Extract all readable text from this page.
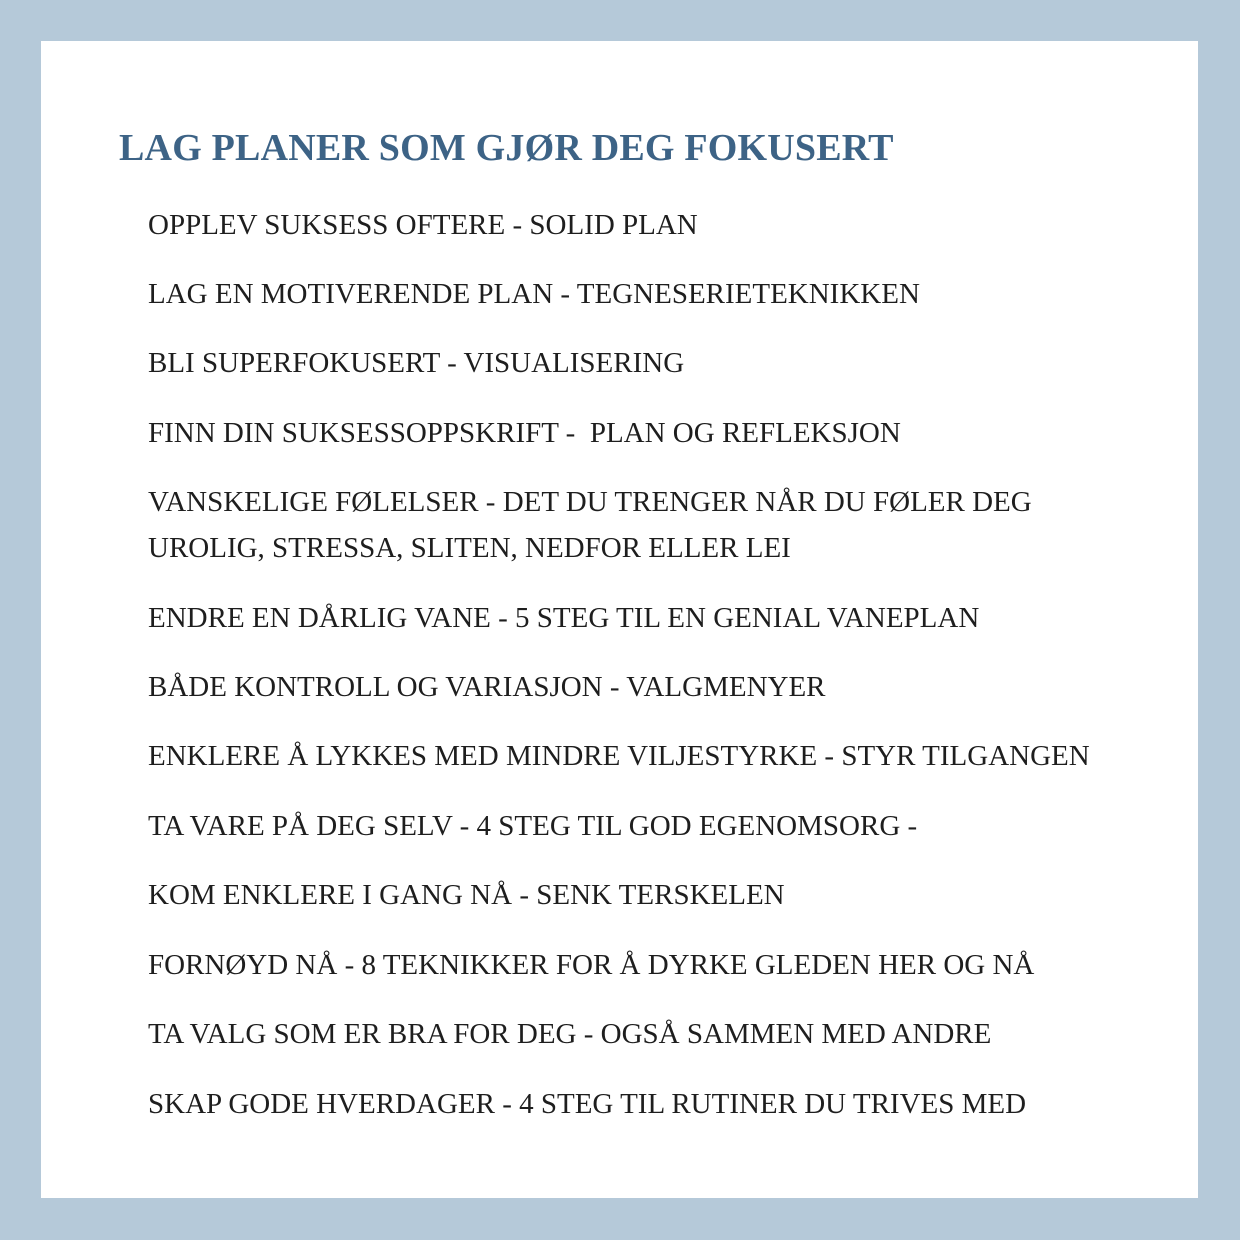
LAG PLANER SOM GJØR DEG FOKUSERT
OPPLEV SUKSESS OFTERE - SOLID PLAN
LAG EN MOTIVERENDE PLAN - TEGNESERIETEKNIKKEN
BLI SUPERFOKUSERT - VISUALISERING
FINN DIN SUKSESSOPPSKRIFT -  PLAN OG REFLEKSJON
VANSKELIGE FØLELSER - DET DU TRENGER NÅR DU FØLER DEG
UROLIG, STRESSA, SLITEN, NEDFOR ELLER LEI
ENDRE EN DÅRLIG VANE - 5 STEG TIL EN GENIAL VANEPLAN
BÅDE KONTROLL OG VARIASJON - VALGMENYER
ENKLERE Å LYKKES MED MINDRE VILJESTYRKE - STYR TILGANGEN
TA VARE PÅ DEG SELV - 4 STEG TIL GOD EGENOMSORG -
KOM ENKLERE I GANG NÅ - SENK TERSKELEN
FORNØYD NÅ - 8 TEKNIKKER FOR Å DYRKE GLEDEN HER OG NÅ
TA VALG SOM ER BRA FOR DEG - OGSÅ SAMMEN MED ANDRE
SKAP GODE HVERDAGER - 4 STEG TIL RUTINER DU TRIVES MED
